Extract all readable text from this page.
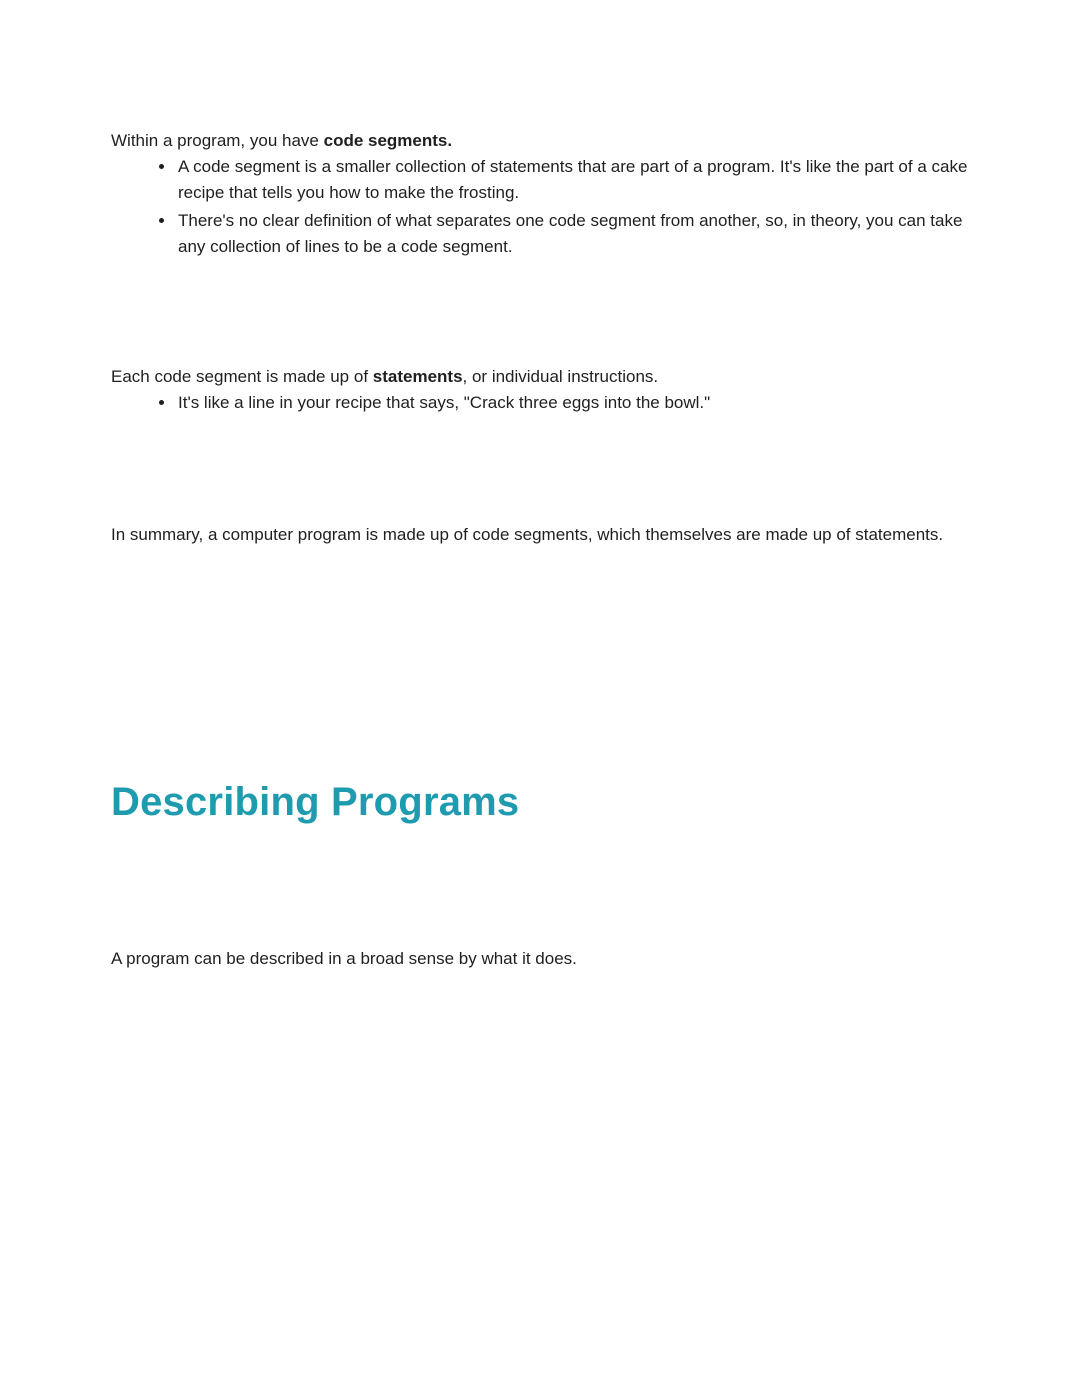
Within a program, you have code segments.

• A code segment is a smaller collection of statements that are part of a program. It's like the part of a cake recipe that tells you how to make the frosting.
• There's no clear definition of what separates one code segment from another, so, in theory, you can take any collection of lines to be a code segment.

Each code segment is made up of statements, or individual instructions.

• It's like a line in your recipe that says, "Crack three eggs into the bowl."

In summary, a computer program is made up of code segments, which themselves are made up of statements.

Describing Programs

A program can be described in a broad sense by what it does.
